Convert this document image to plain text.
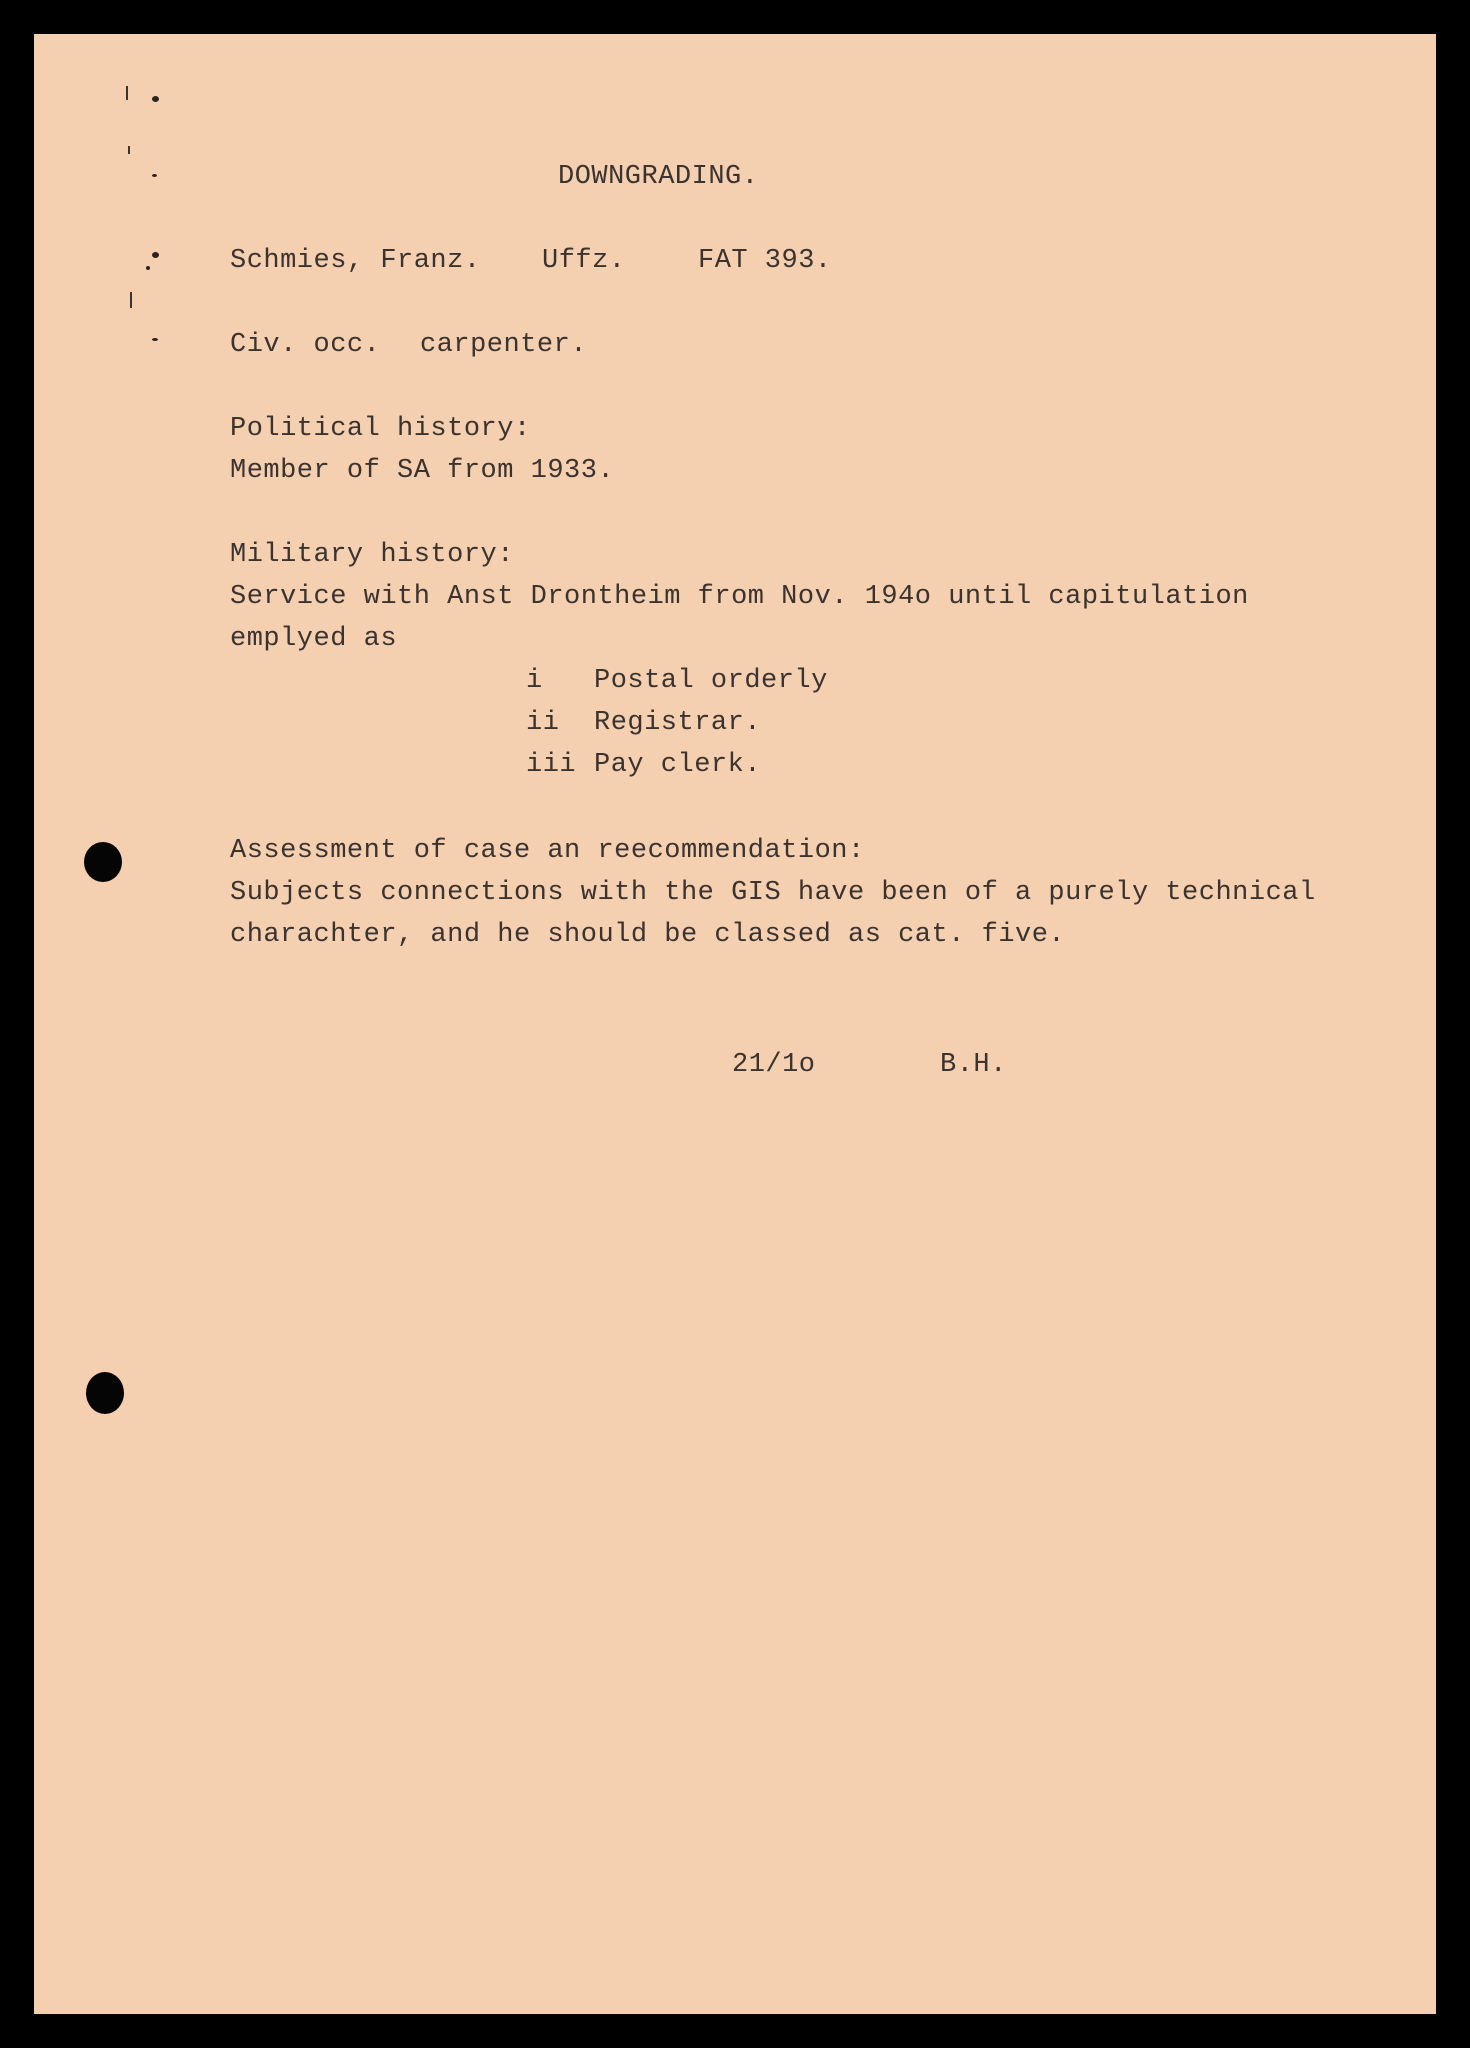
DOWNGRADING.
Schmies, Franz. Uffz.	FAT 393.
Civ. occ. carpenter.
Political history:
Member of SA from 1933.
Military history:
Service with Anst Drontheim from Nov. 194o until capitulation
emplyed as
i Postal orderly
ii Registrar.
iii Pay clerk.
Assessment of case an reecommendation:
Subjects connections with the GIS have been of a purely technical
charachter, and he should be classed as cat. five.
21/1o	B.H.
